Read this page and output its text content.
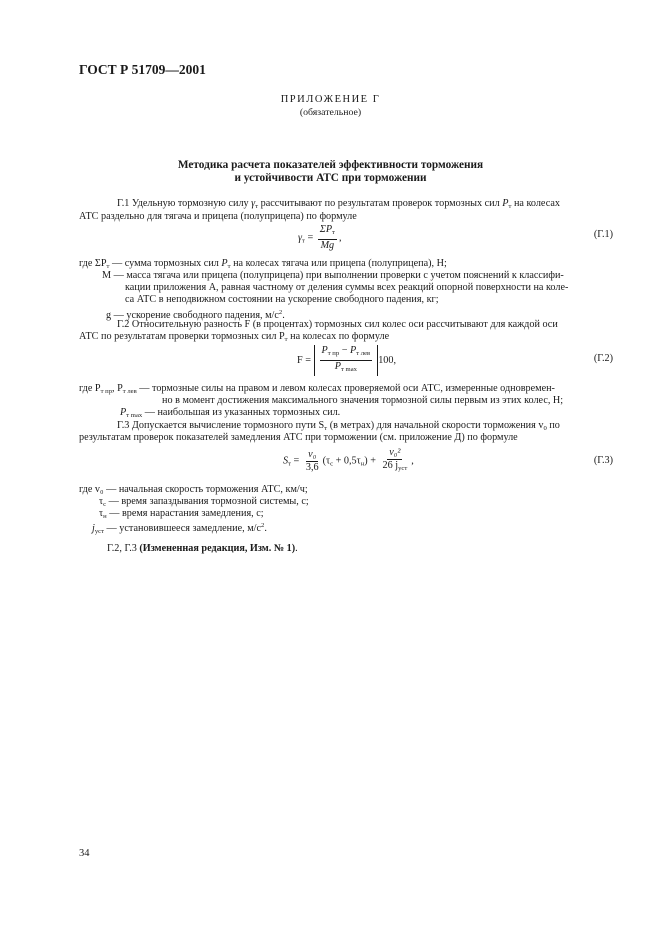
ГОСТ Р 51709—2001
ПРИЛОЖЕНИЕ Г
(обязательное)
Методика расчета показателей эффективности торможения
и устойчивости АТС при торможении
Г.1 Удельную тормозную силу $\gamma_т$ рассчитывают по результатам проверок тормозных сил $P_т$ на колесах
АТС раздельно для тягача и прицепа (полуприцепа) по формуле
$\gamma_т = \frac{\Sigma P_т}{Mg}$ ,	(Г.1)
где $\Sigma P_т$ — сумма тормозных сил $P_т$ на колесах тягача или прицепа (полуприцепа), Н;
M — масса тягача или прицепа (полуприцепа) при выполнении проверки с учетом пояснений к классифи-
кации приложения А, равная частному от деления суммы всех реакций опорной поверхности на коле-
са АТС в неподвижном состоянии на ускорение свободного падения, кг;
g — ускорение свободного падения, $м/с^2$.
Г.2 Относительную разность F (в процентах) тормозных сил колес оси рассчитывают для каждой оси
АТС по результатам проверки тормозных сил $P_т$ на колесах по формуле
$F = \frac{P_{т пр} - P_{т лев}}{P_{т max}} 100$,	(Г.2)
где $P_{т пр}$, $P_{т лев}$ — тормозные силы на правом и левом колесах проверяемой оси АТС, измеренные одновремен-
но в момент достижения максимального значения тормозной силы первым из этих колес, Н;
$P_{т max}$ — наибольшая из указанных тормозных сил.
Г.3 Допускается вычисление тормозного пути $S_т$ (в метрах) для начальной скорости торможения $v_0$ по
результатам проверок показателей замедления АТС при торможении (см. приложение Д) по формуле
$S_т = \frac{\text{v₀}}{3,6} (\tau_с + 0,5\tau_н) + \frac{\text{v₀²}}{26 j_{уст}}$ ,	(Г.3)
где v₀ — начальная скорость торможения АТС, км/ч;
$\tau_с$ — время запаздывания тормозной системы, с;
$\tau_н$ — время нарастания замедления, с;
$j_{уст}$ — установившееся замедление, $м/с^2$.
Г.2, Г.3 (Измененная редакция, Изм. № 1).
34
